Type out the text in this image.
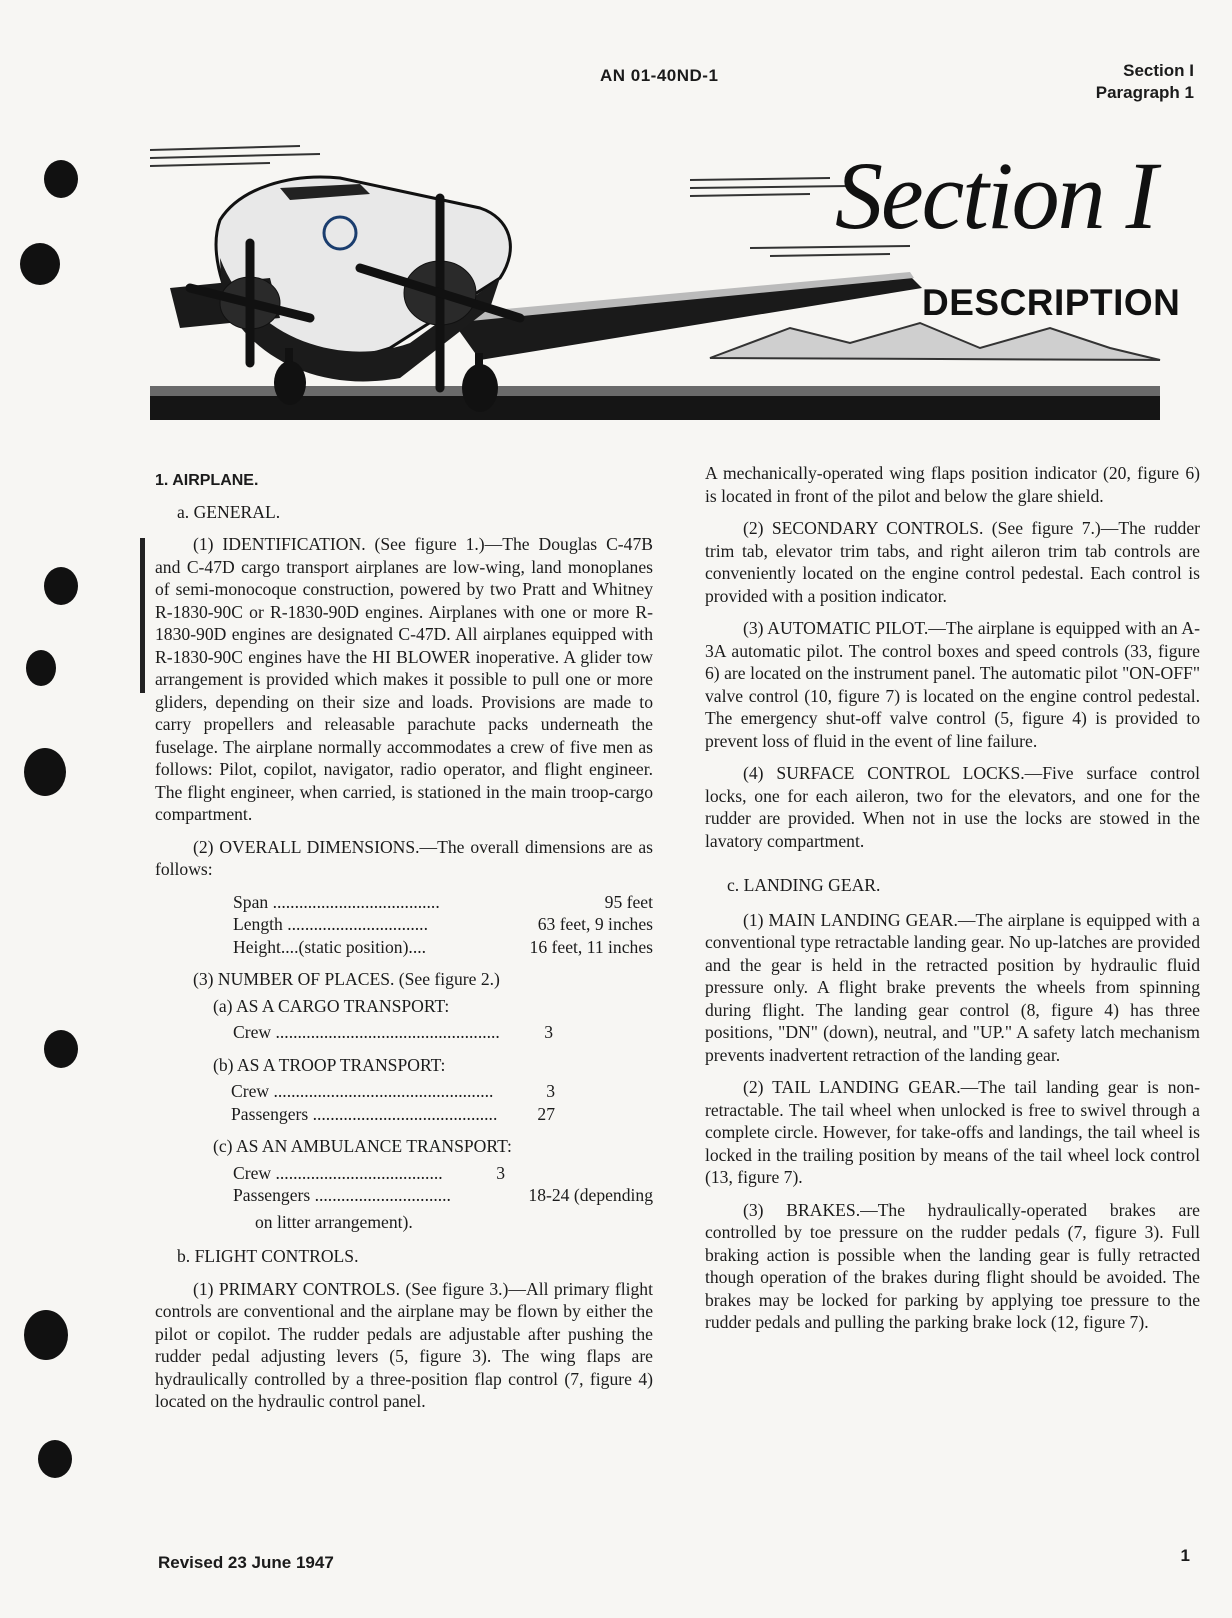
AN 01-40ND-1	Section I
Paragraph 1
Section I
DESCRIPTION
1. AIRPLANE.
a. GENERAL.

(1) IDENTIFICATION. (See figure 1.)—The Douglas C-47B and C-47D cargo transport airplanes are low-wing, land monoplanes of semi-monocoque construction, powered by two Pratt and Whitney R-1830-90C or R-1830-90D engines. Airplanes with one or more R-1830-90D engines are designated C-47D. All airplanes equipped with R-1830-90C engines have the HI BLOWER inoperative. A glider tow arrangement is provided which makes it possible to pull one or more gliders, depending on their size and loads. Provisions are made to carry propellers and releasable parachute packs underneath the fuselage. The airplane normally accommodates a crew of five men as follows: Pilot, copilot, navigator, radio operator, and flight engineer. The flight engineer, when carried, is stationed in the main troop-cargo compartment.

(2) OVERALL DIMENSIONS.—The overall dimensions are as follows:

Span ......................................	95 feet
Length ................................	63 feet, 9 inches
Height....(static position)....	16 feet, 11 inches
(3) NUMBER OF PLACES. (See figure 2.)
(a) AS A CARGO TRANSPORT:
Crew ...................................................	3
(b) AS A TROOP TRANSPORT:
Crew ..................................................	3
Passengers .......................................... 27
(c) AS AN AMBULANCE TRANSPORT:
Crew ......................................	3
Passengers ...............................	18-24 (depending
on litter arrangement).
b. FLIGHT CONTROLS.

(1) PRIMARY CONTROLS. (See figure 3.)—All primary flight controls are conventional and the airplane may be flown by either the pilot or copilot. The rudder pedals are adjustable after pushing the rudder pedal adjusting levers (5, figure 3). The wing flaps are hydraulically controlled by a three-position flap control (7, figure 4) located on the hydraulic control panel.

A mechanically-operated wing flaps position indicator (20, figure 6) is located in front of the pilot and below the glare shield.

(2) SECONDARY CONTROLS. (See figure 7.)—The rudder trim tab, elevator trim tabs, and right aileron trim tab controls are conveniently located on the engine control pedestal. Each control is provided with a position indicator.

(3) AUTOMATIC PILOT.—The airplane is equipped with an A-3A automatic pilot. The control boxes and speed controls (33, figure 6) are located on the instrument panel. The automatic pilot "ON-OFF" valve control (10, figure 7) is located on the engine control pedestal. The emergency shut-off valve control (5, figure 4) is provided to prevent loss of fluid in the event of line failure.

(4) SURFACE CONTROL LOCKS.—Five surface control locks, one for each aileron, two for the elevators, and one for the rudder are provided. When not in use the locks are stowed in the lavatory compartment.

c. LANDING GEAR.

(1) MAIN LANDING GEAR.—The airplane is equipped with a conventional type retractable landing gear. No up-latches are provided and the gear is held in the retracted position by hydraulic fluid pressure only. A flight brake prevents the wheels from spinning during flight. The landing gear control (8, figure 4) has three positions, "DN" (down), neutral, and "UP." A safety latch mechanism prevents inadvertent retraction of the landing gear.

(2) TAIL LANDING GEAR.—The tail landing gear is non-retractable. The tail wheel when unlocked is free to swivel through a complete circle. However, for take-offs and landings, the tail wheel is locked in the trailing position by means of the tail wheel lock control (13, figure 7).

(3) BRAKES.—The hydraulically-operated brakes are controlled by toe pressure on the rudder pedals (7, figure 3). Full braking action is possible when the landing gear is fully retracted though operation of the brakes during flight should be avoided. The brakes may be locked for parking by applying toe pressure to the rudder pedals and pulling the parking brake lock (12, figure 7).

Revised 23 June 1947	1
